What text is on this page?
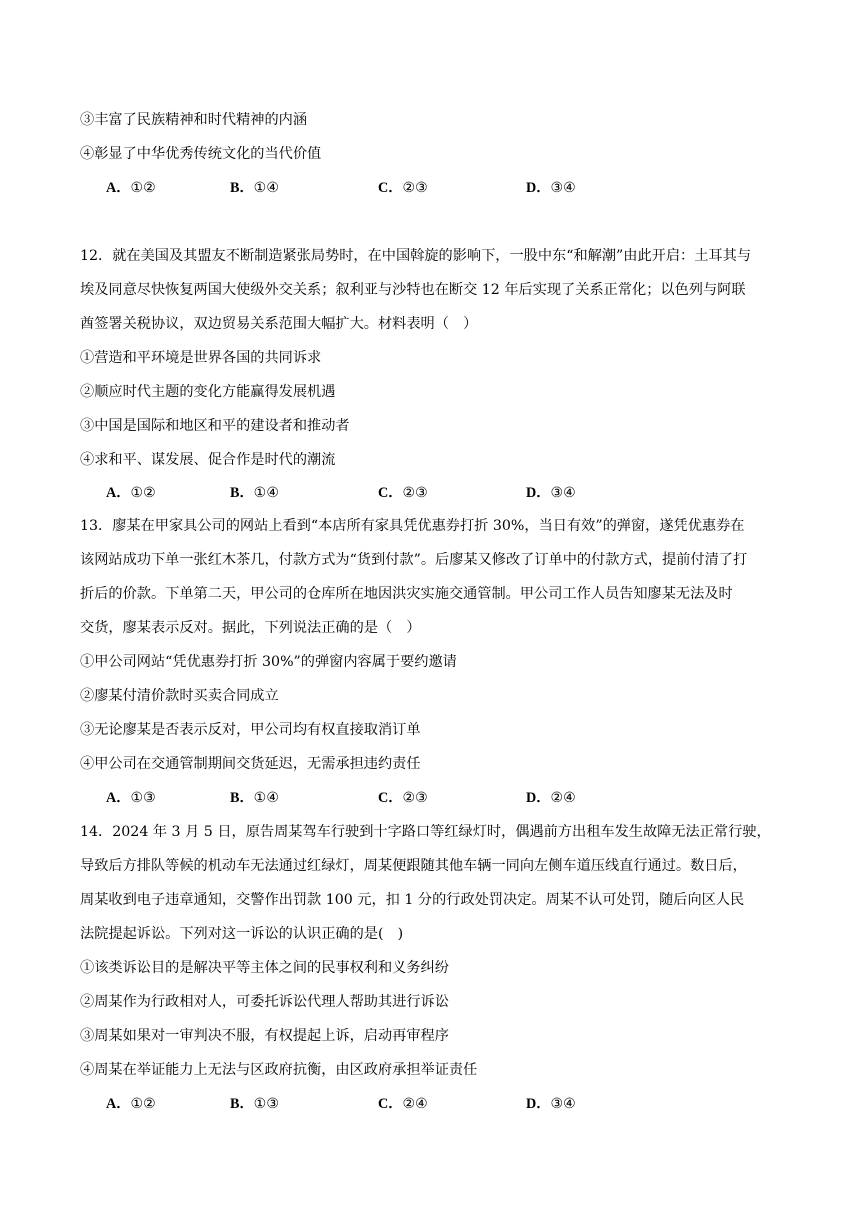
③丰富了民族精神和时代精神的内涵
④彰显了中华优秀传统文化的当代价值
A．①②	B．①④	C．②③	D．③④
12．就在美国及其盟友不断制造紧张局势时，在中国斡旋的影响下，一股中东“和解潮”由此开启：土耳其与
埃及同意尽快恢复两国大使级外交关系；叙利亚与沙特也在断交 12 年后实现了关系正常化；以色列与阿联
酋签署关税协议，双边贸易关系范围大幅扩大。材料表明（　）
①营造和平环境是世界各国的共同诉求
②顺应时代主题的变化方能赢得发展机遇
③中国是国际和地区和平的建设者和推动者
④求和平、谋发展、促合作是时代的潮流
A．①②	B．①④	C．②③	D．③④
13．廖某在甲家具公司的网站上看到“本店所有家具凭优惠券打折 30%，当日有效”的弹窗，遂凭优惠券在
该网站成功下单一张红木茶几，付款方式为“货到付款”。后廖某又修改了订单中的付款方式，提前付清了打
折后的价款。下单第二天，甲公司的仓库所在地因洪灾实施交通管制。甲公司工作人员告知廖某无法及时
交货，廖某表示反对。据此，下列说法正确的是（　）
①甲公司网站“凭优惠券打折 30%”的弹窗内容属于要约邀请
②廖某付清价款时买卖合同成立
③无论廖某是否表示反对，甲公司均有权直接取消订单
④甲公司在交通管制期间交货延迟，无需承担违约责任
A．①③	B．①④	C．②③	D．②④
14．2024 年 3 月 5 日，原告周某驾车行驶到十字路口等红绿灯时，偶遇前方出租车发生故障无法正常行驶，
导致后方排队等候的机动车无法通过红绿灯，周某便跟随其他车辆一同向左侧车道压线直行通过。数日后，
周某收到电子违章通知，交警作出罚款 100 元，扣 1 分的行政处罚决定。周某不认可处罚，随后向区人民
法院提起诉讼。下列对这一诉讼的认识正确的是(　)
①该类诉讼目的是解决平等主体之间的民事权利和义务纠纷
②周某作为行政相对人，可委托诉讼代理人帮助其进行诉讼
③周某如果对一审判决不服，有权提起上诉，启动再审程序
④周某在举证能力上无法与区政府抗衡，由区政府承担举证责任
A．①②	B．①③	C．②④	D．③④
